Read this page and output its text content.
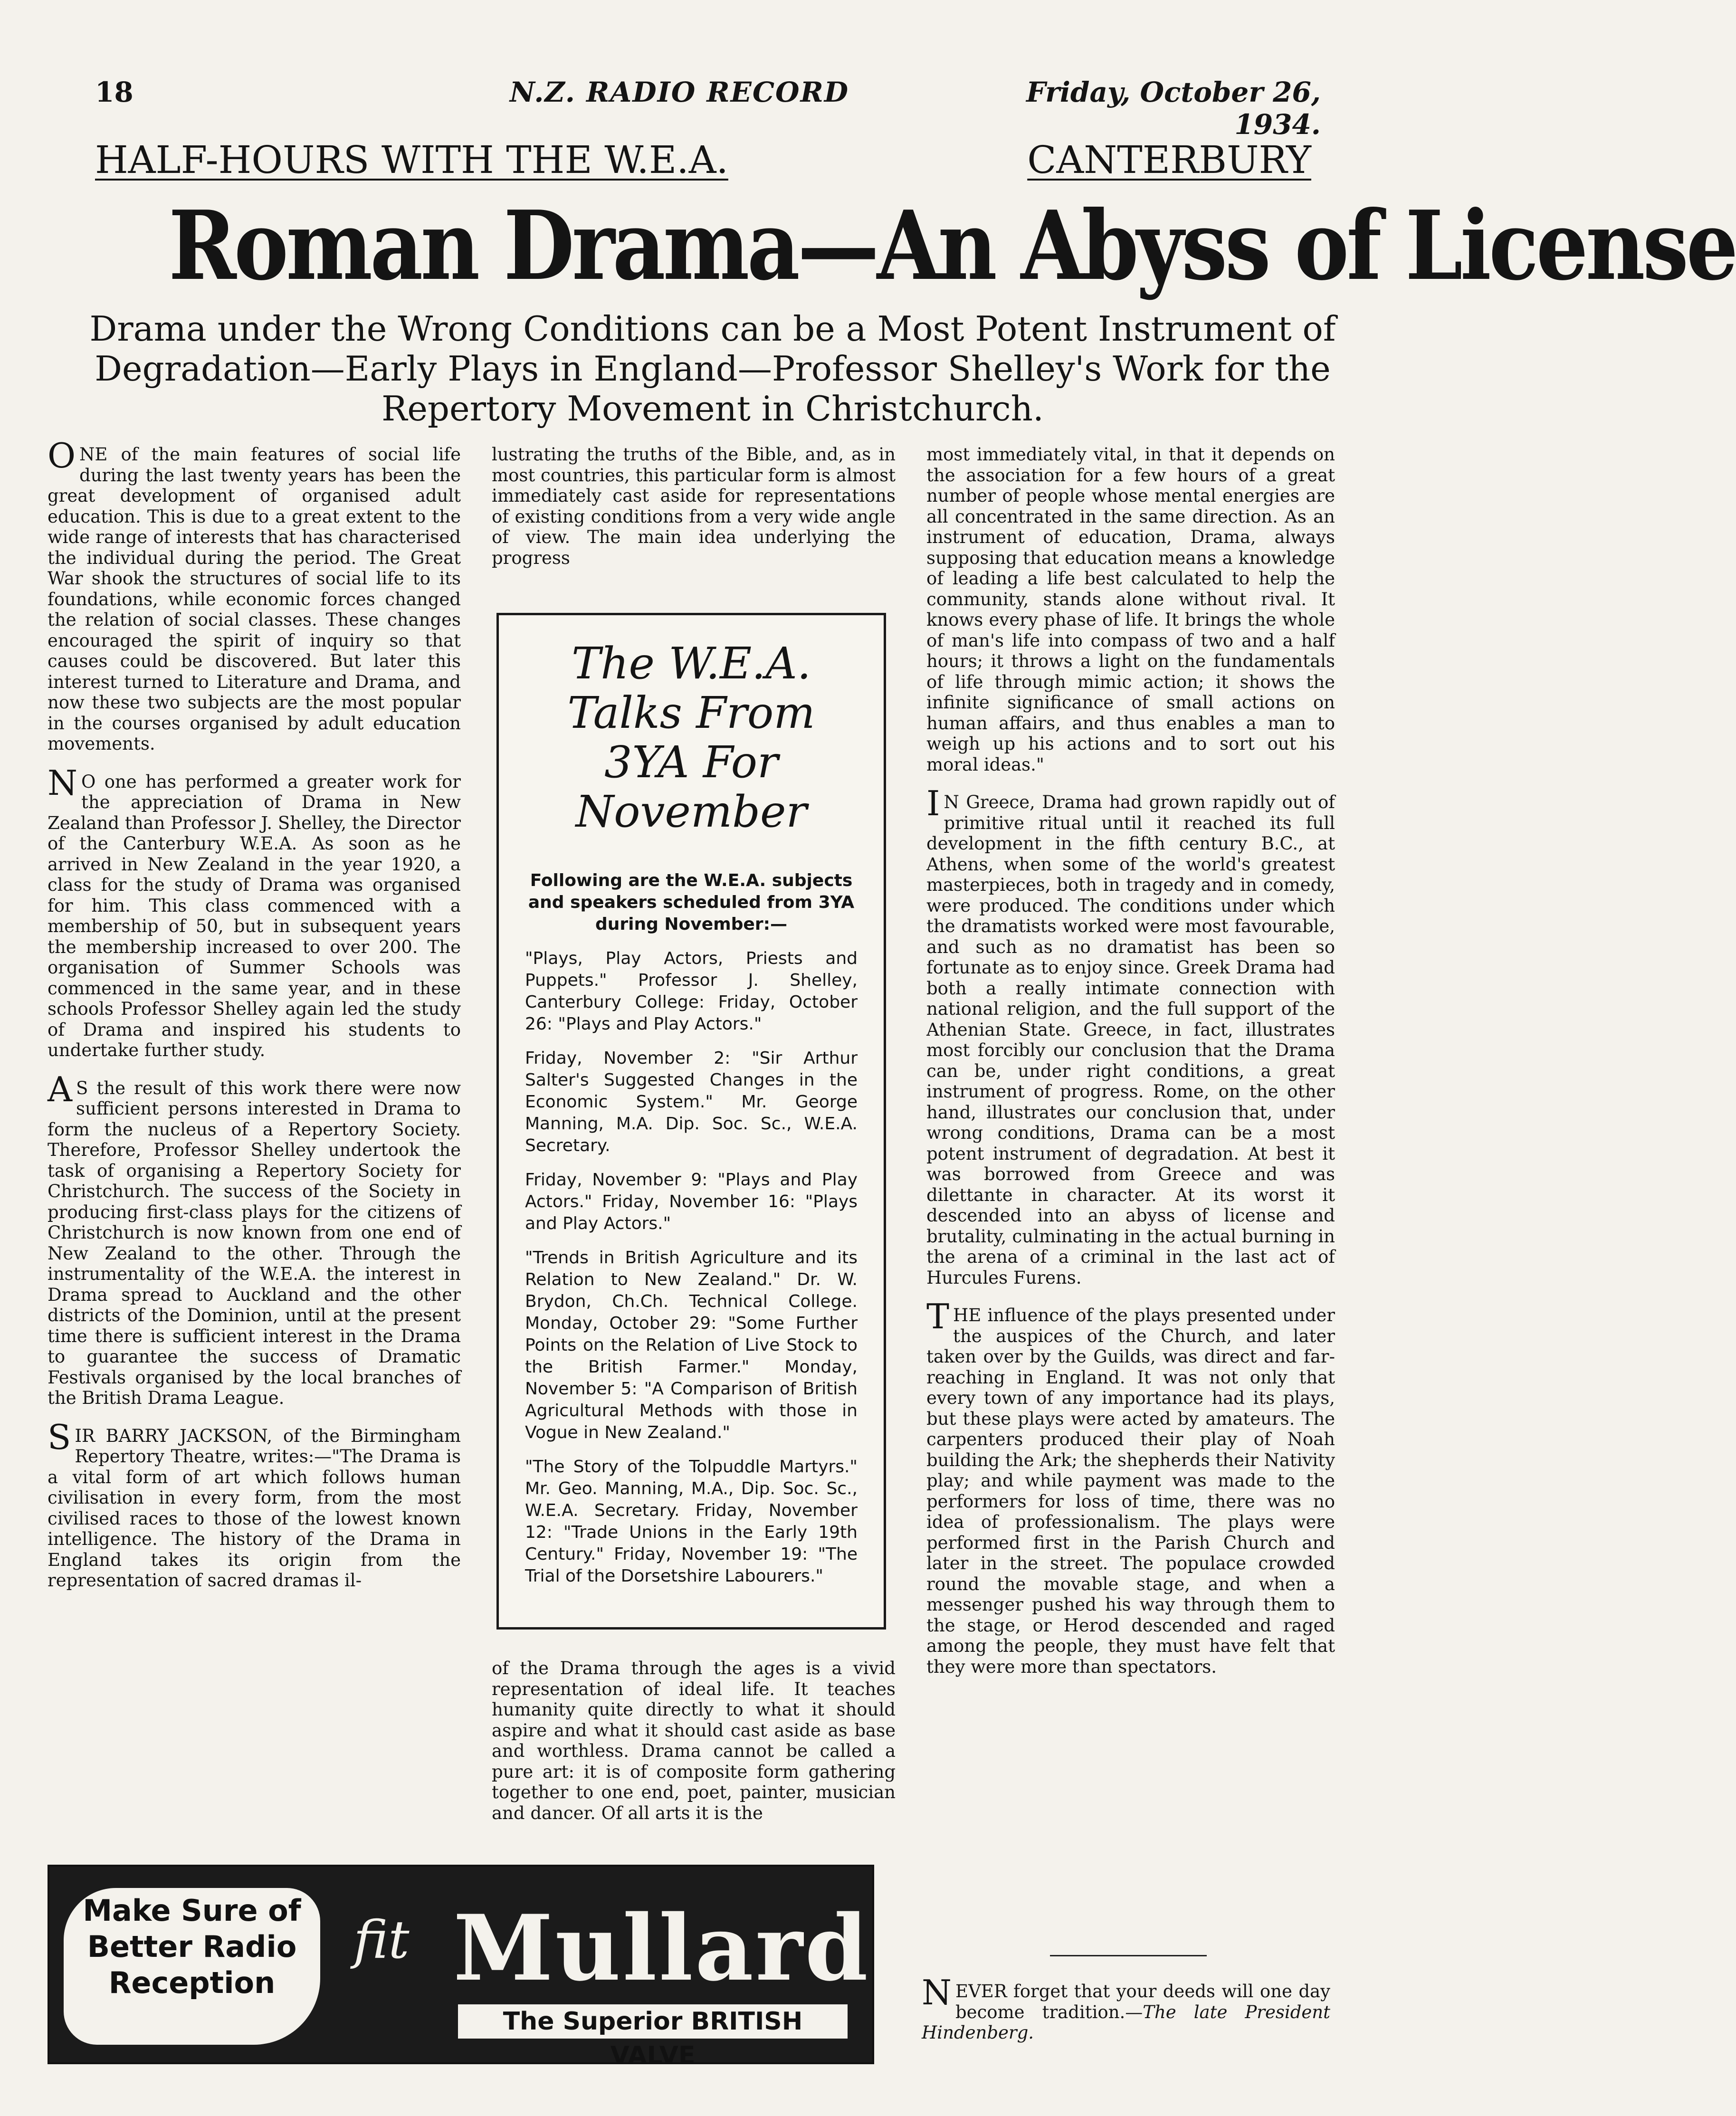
18	N.Z. RADIO RECORD	Friday, October 26, 1934.
HALF-HOURS WITH THE W.E.A.	CANTERBURY
Roman Drama—An Abyss of License
Drama under the Wrong Conditions can be a Most Potent Instrument of Degradation—Early Plays in England—Professor Shelley's Work for the Repertory Movement in Christchurch.

ONE of the main features of social life during the last twenty years has been the great development of organised adult education. This is due to a great extent to the wide range of interests that has characterised the individual during the period. The Great War shook the structures of social life to its foundations, while economic forces changed the relation of social classes. These changes encouraged the spirit of inquiry so that causes could be discovered. But later this interest turned to Literature and Drama, and now these two subjects are the most popular in the courses organised by adult education movements.

N O one has performed a greater work for the appreciation of Drama in New Zealand than Professor J. Shelley, the Director of the Canterbury W.E.A. As soon as he arrived in New Zealand in the year 1920, a class for the study of Drama was organised for him. This class commenced with a membership of 50, but in subsequent years the membership increased to over 200. The organisation of Summer Schools was commenced in the same year, and in these schools Professor Shelley again led the study of Drama and inspired his students to undertake further study.

A S the result of this work there were now sufficient persons interested in Drama to form the nucleus of a Repertory Society. Therefore, Professor Shelley undertook the task of organising a Repertory Society for Christchurch. The success of the Society in producing first-class plays for the citizens of Christchurch is now known from one end of New Zealand to the other. Through the instrumentality of the W.E.A. the interest in Drama spread to Auckland and the other districts of the Dominion, until at the present time there is sufficient interest in the Drama to guarantee the success of Dramatic Festivals organised by the local branches of the British Drama League.

SIR BARRY JACKSON, of the Birmingham Repertory Theatre, writes:—"The Drama is a vital form of art which follows human civilisation in every form, from the most civilised races to those of the lowest known intelligence. The history of the Drama in England takes its origin from the representation of sacred dramas il-

lustrating the truths of the Bible, and, as in most countries, this particular form is almost immediately cast aside for representations of existing conditions from a very wide angle of view. The main idea underlying the progress

The W.E.A. Talks From 3YA For November

Following are the W.E.A. subjects and speakers scheduled from 3YA during November:—

"Plays, Play Actors, Priests and Puppets." Professor J. Shelley, Canterbury College: Friday, October 26: "Plays and Play Actors."

Friday, November 2: "Sir Arthur Salter's Suggested Changes in the Economic System." Mr. George Manning, M.A. Dip. Soc. Sc., W.E.A. Secretary.

Friday, November 9: "Plays and Play Actors." Friday, November 16: "Plays and Play Actors."

"Trends in British Agriculture and its Relation to New Zealand." Dr. W. Brydon, Ch.Ch. Technical College. Monday, October 29: "Some Further Points on the Relation of Live Stock to the British Farmer." Monday, November 5: "A Comparison of British Agricultural Methods with those in Vogue in New Zealand."

"The Story of the Tolpuddle Martyrs." Mr. Geo. Manning, M.A., Dip. Soc. Sc., W.E.A. Secretary. Friday, November 12: "Trade Unions in the Early 19th Century." Friday, November 19: "The Trial of the Dorsetshire Labourers."

of the Drama through the ages is a vivid representation of ideal life. It teaches humanity quite directly to what it should aspire and what it should cast aside as base and worthless. Drama cannot be called a pure art: it is of composite form gathering together to one end, poet, painter, musician and dancer. Of all arts it is the

most immediately vital, in that it depends on the association for a few hours of a great number of people whose mental energies are all concentrated in the same direction. As an instrument of education, Drama, always supposing that education means a knowledge of leading a life best calculated to help the community, stands alone without rival. It knows every phase of life. It brings the whole of man's life into compass of two and a half hours; it throws a light on the fundamentals of life through mimic action; it shows the infinite significance of small actions on human affairs, and thus enables a man to weigh up his actions and to sort out his moral ideas."

I N Greece, Drama had grown rapidly out of primitive ritual until it reached its full development in the fifth century B.C., at Athens, when some of the world's greatest masterpieces, both in tragedy and in comedy, were produced. The conditions under which the dramatists worked were most favourable, and such as no dramatist has been so fortunate as to enjoy since. Greek Drama had both a really intimate connection with national religion, and the full support of the Athenian State. Greece, in fact, illustrates most forcibly our conclusion that the Drama can be, under right conditions, a great instrument of progress. Rome, on the other hand, illustrates our conclusion that, under wrong conditions, Drama can be a most potent instrument of degradation. At best it was borrowed from Greece and was dilettante in character. At its worst it descended into an abyss of license and brutality, culminating in the actual burning in the arena of a criminal in the last act of Hurcules Furens.

THE influence of the plays presented under the auspices of the Church, and later taken over by the Guilds, was direct and far-reaching in England. It was not only that every town of any importance had its plays, but these plays were acted by amateurs. The carpenters produced their play of Noah building the Ark; the shepherds their Nativity play; and while payment was made to the performers for loss of time, there was no idea of professionalism. The plays were performed first in the Parish Church and later in the street. The populace crowded round the movable stage, and when a messenger pushed his way through them to the stage, or Herod descended and raged among the people, they must have felt that they were more than spectators.

NEVER forget that your deeds will one day become tradition.—The late President Hindenberg.

Make Sure of Better Radio Reception
fit Mullard
The Superior BRITISH VALVE
